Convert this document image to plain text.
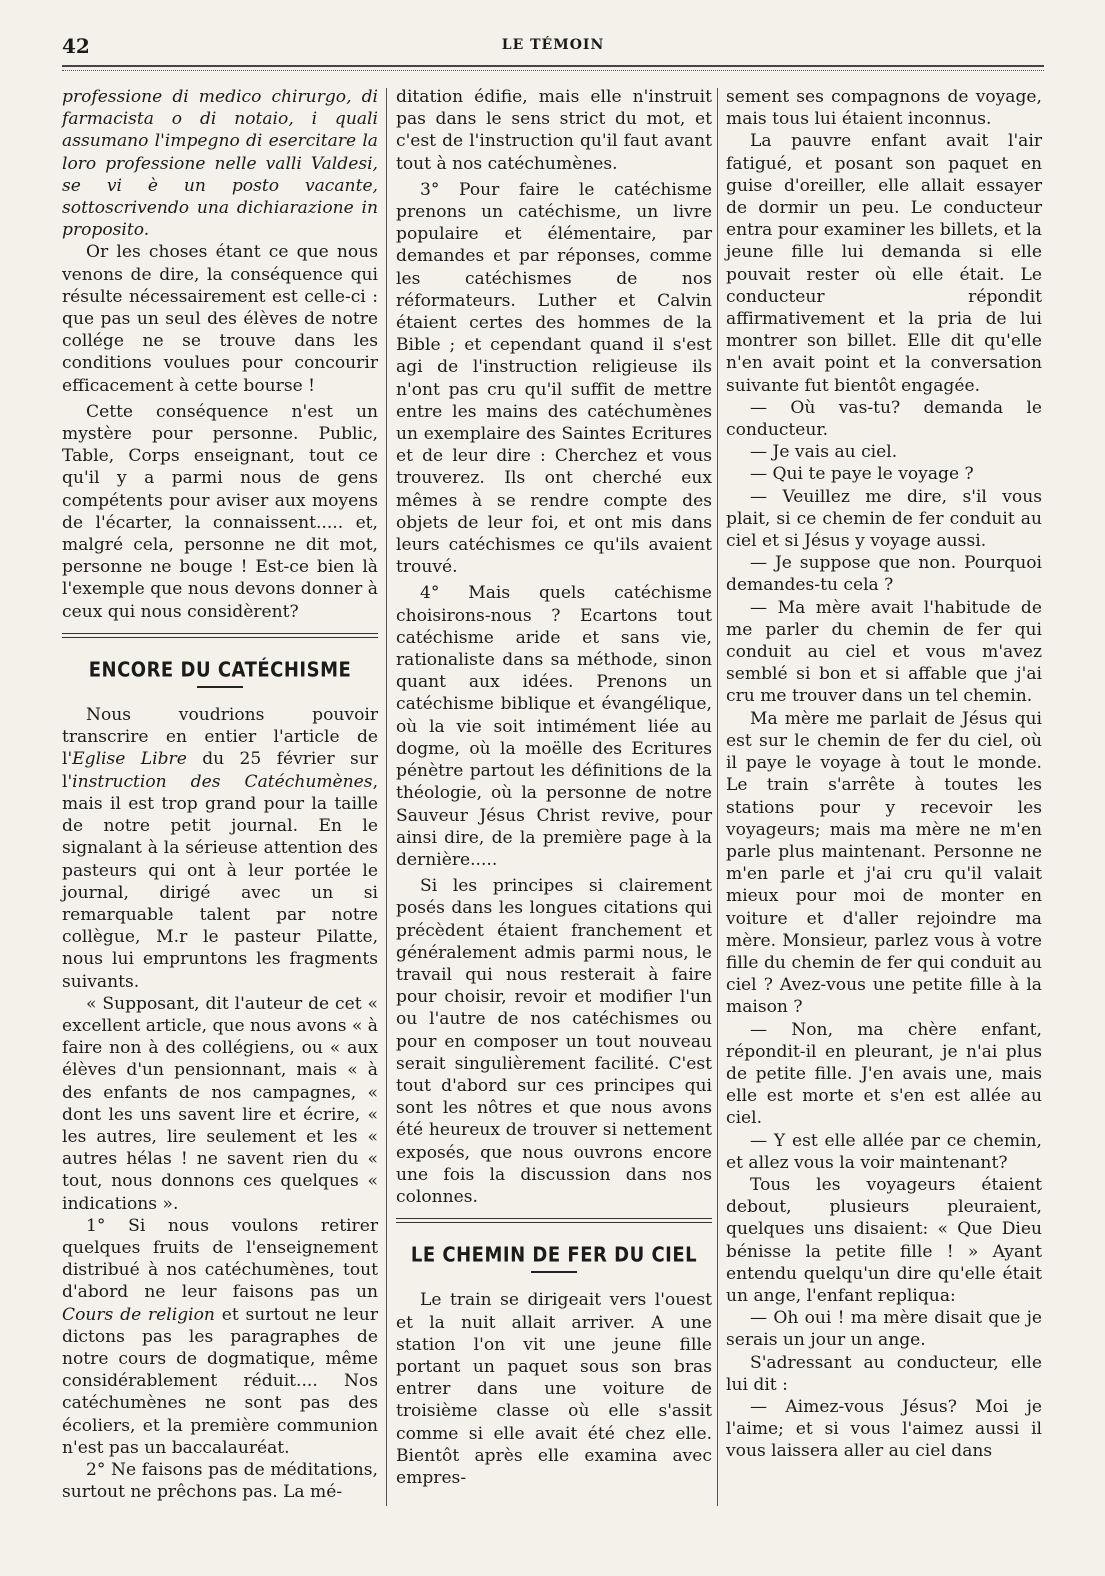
42	LE TÉMOIN

professione di medico chirurgo, di farmacista o di notaio, i quali assumano l'impegno di esercitare la loro professione nelle valli Valdesi, se vi è un posto vacante, sottoscrivendo una dichiarazione in proposito.

Or les choses étant ce que nous venons de dire, la conséquence qui résulte nécessairement est celle-ci : que pas un seul des élèves de notre collége ne se trouve dans les conditions voulues pour concourir efficacement à cette bourse !

Cette conséquence n'est un mystère pour personne. Public, Table, Corps enseignant, tout ce qu'il y a parmi nous de gens compétents pour aviser aux moyens de l'écarter, la connaissent..... et, malgré cela, personne ne dit mot, personne ne bouge ! Est-ce bien là l'exemple que nous devons donner à ceux qui nous considèrent?

ENCORE DU CATÉCHISME

Nous voudrions pouvoir transcrire en entier l'article de l'Eglise Libre du 25 février sur l'instruction des Catéchumènes, mais il est trop grand pour la taille de notre petit journal. En le signalant à la sérieuse attention des pasteurs qui ont à leur portée le journal, dirigé avec un si remarquable talent par notre collègue, M.r le pasteur Pilatte, nous lui empruntons les fragments suivants.

« Supposant, dit l'auteur de cet « excellent article, que nous avons « à faire non à des collégiens, ou « aux élèves d'un pensionnant, mais « à des enfants de nos campagnes, « dont les uns savent lire et écrire, « les autres, lire seulement et les « autres hélas ! ne savent rien du « tout, nous donnons ces quelques « indications ».

1° Si nous voulons retirer quelques fruits de l'enseignement distribué à nos catéchumènes, tout d'abord ne leur faisons pas un Cours de religion et surtout ne leur dictons pas les paragraphes de notre cours de dogmatique, même considérablement réduit.... Nos catéchumènes ne sont pas des écoliers, et la première communion n'est pas un baccalauréat.

2° Ne faisons pas de méditations, surtout ne prêchons pas. La mé-

ditation édifie, mais elle n'instruit pas dans le sens strict du mot, et c'est de l'instruction qu'il faut avant tout à nos catéchumènes.

3° Pour faire le catéchisme prenons un catéchisme, un livre populaire et élémentaire, par demandes et par réponses, comme les catéchismes de nos réformateurs. Luther et Calvin étaient certes des hommes de la Bible ; et cependant quand il s'est agi de l'instruction religieuse ils n'ont pas cru qu'il suffit de mettre entre les mains des catéchumènes un exemplaire des Saintes Ecritures et de leur dire : Cherchez et vous trouverez. Ils ont cherché eux mêmes à se rendre compte des objets de leur foi, et ont mis dans leurs catéchismes ce qu'ils avaient trouvé.

4° Mais quels catéchisme choisirons-nous ? Ecartons tout catéchisme aride et sans vie, rationaliste dans sa méthode, sinon quant aux idées. Prenons un catéchisme biblique et évangélique, où la vie soit intimément liée au dogme, où la moëlle des Ecritures pénètre partout les définitions de la théologie, où la personne de notre Sauveur Jésus Christ revive, pour ainsi dire, de la première page à la dernière.....

Si les principes si clairement posés dans les longues citations qui précèdent étaient franchement et généralement admis parmi nous, le travail qui nous resterait à faire pour choisir, revoir et modifier l'un ou l'autre de nos catéchismes ou pour en composer un tout nouveau serait singulièrement facilité. C'est tout d'abord sur ces principes qui sont les nôtres et que nous avons été heureux de trouver si nettement exposés, que nous ouvrons encore une fois la discussion dans nos colonnes.

LE CHEMIN DE FER DU CIEL

Le train se dirigeait vers l'ouest et la nuit allait arriver. A une station l'on vit une jeune fille portant un paquet sous son bras entrer dans une voiture de troisième classe où elle s'assit comme si elle avait été chez elle. Bientôt après elle examina avec empres-

sement ses compagnons de voyage, mais tous lui étaient inconnus.

La pauvre enfant avait l'air fatigué, et posant son paquet en guise d'oreiller, elle allait essayer de dormir un peu. Le conducteur entra pour examiner les billets, et la jeune fille lui demanda si elle pouvait rester où elle était. Le conducteur répondit affirmativement et la pria de lui montrer son billet. Elle dit qu'elle n'en avait point et la conversation suivante fut bientôt engagée.

— Où vas-tu? demanda le conducteur.

— Je vais au ciel.

— Qui te paye le voyage ?

— Veuillez me dire, s'il vous plait, si ce chemin de fer conduit au ciel et si Jésus y voyage aussi.

— Je suppose que non. Pourquoi demandes-tu cela ?

— Ma mère avait l'habitude de me parler du chemin de fer qui conduit au ciel et vous m'avez semblé si bon et si affable que j'ai cru me trouver dans un tel chemin.

Ma mère me parlait de Jésus qui est sur le chemin de fer du ciel, où il paye le voyage à tout le monde. Le train s'arrête à toutes les stations pour y recevoir les voyageurs; mais ma mère ne m'en parle plus maintenant. Personne ne m'en parle et j'ai cru qu'il valait mieux pour moi de monter en voiture et d'aller rejoindre ma mère. Monsieur, parlez vous à votre fille du chemin de fer qui conduit au ciel ? Avez-vous une petite fille à la maison ?

— Non, ma chère enfant, répondit-il en pleurant, je n'ai plus de petite fille. J'en avais une, mais elle est morte et s'en est allée au ciel.

— Y est elle allée par ce chemin, et allez vous la voir maintenant?

Tous les voyageurs étaient debout, plusieurs pleuraient, quelques uns disaient: « Que Dieu bénisse la petite fille ! » Ayant entendu quelqu'un dire qu'elle était un ange, l'enfant repliqua:

— Oh oui ! ma mère disait que je serais un jour un ange.

S'adressant au conducteur, elle lui dit :

— Aimez-vous Jésus? Moi je l'aime; et si vous l'aimez aussi il vous laissera aller au ciel dans
